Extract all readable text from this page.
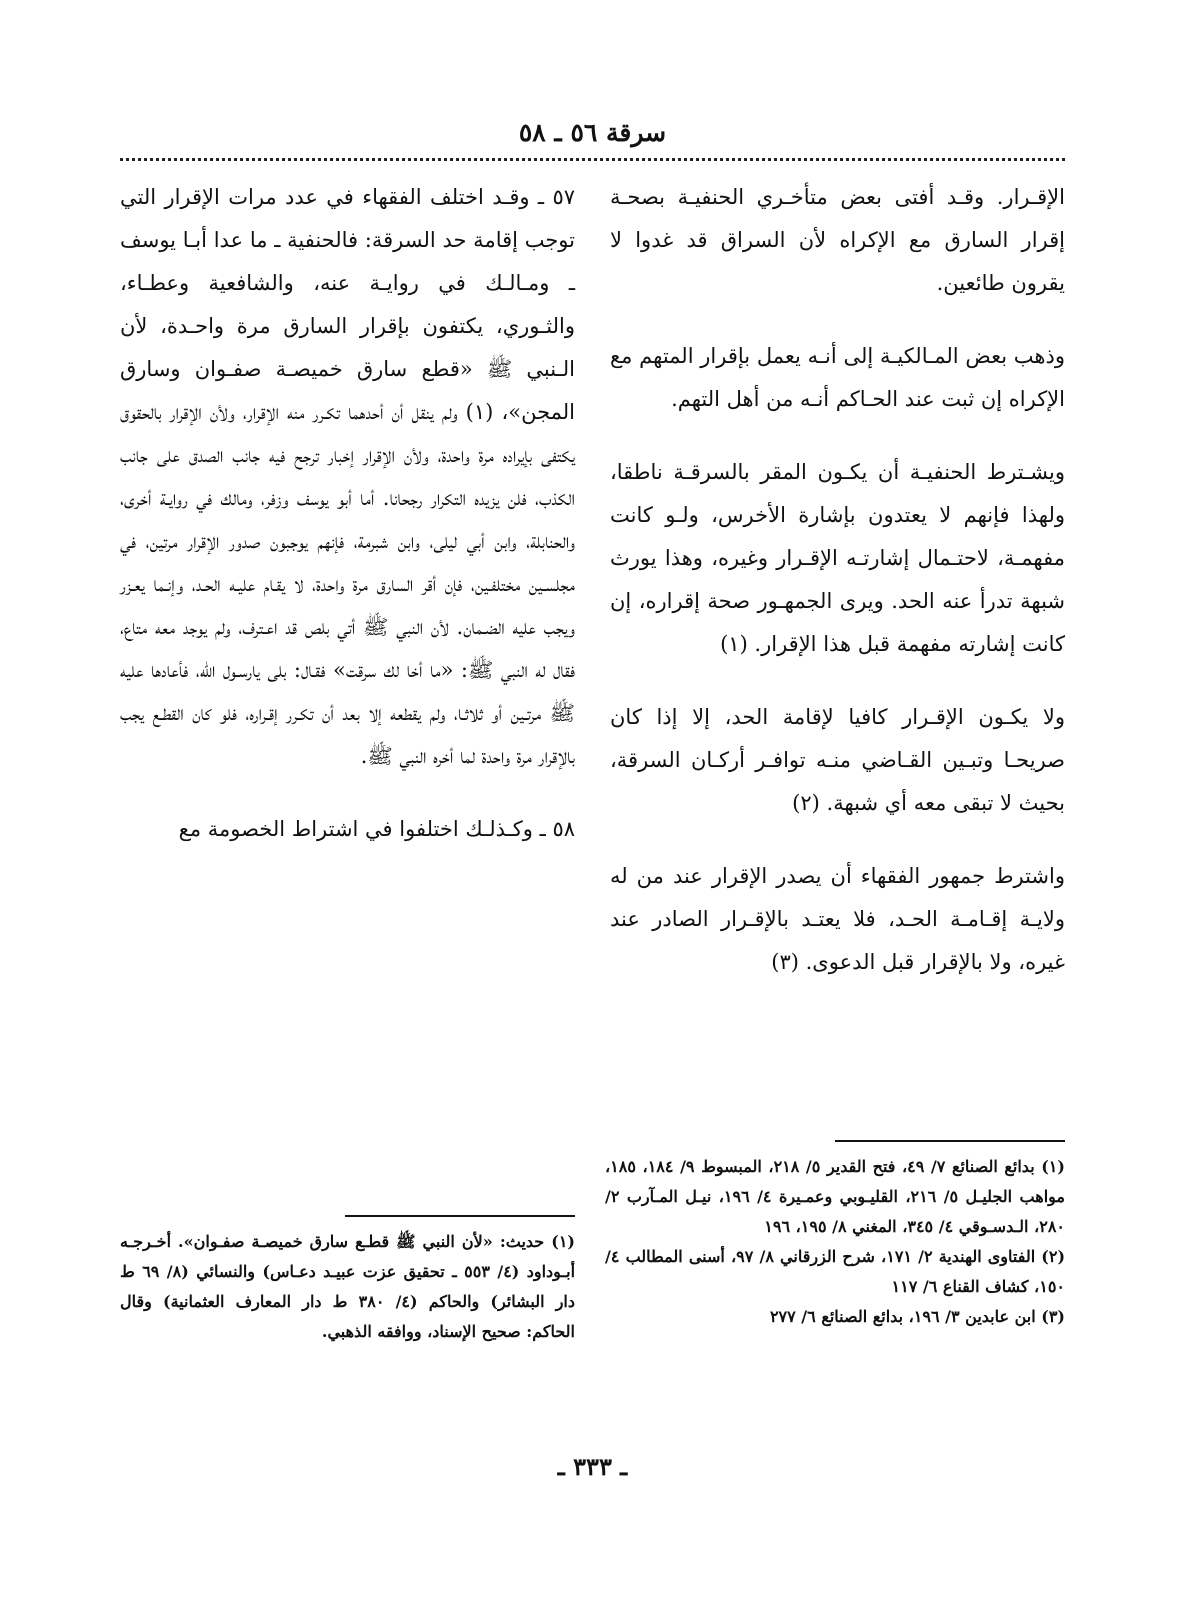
سرقة ٥٦ ـ ٥٨

الإقـرار. وقـد أفتى بعض متأخـري الحنفيـة بصحـة إقرار السارق مع الإكراه لأن السراق قد غدوا لا يقرون طائعين.

وذهب بعض المـالكيـة إلى أنـه يعمل بإقرار المتهم مع الإكراه إن ثبت عند الحـاكم أنـه من أهل التهم.

ويشـترط الحنفيـة أن يكـون المقر بالسرقـة ناطقا، ولهذا فإنهم لا يعتدون بإشارة الأخرس، ولـو كانت مفهمـة، لاحتـمال إشارتـه الإقـرار وغيره، وهذا يورث شبهة تدرأ عنه الحد. ويرى الجمهـور صحة إقراره، إن كانت إشارته مفهمة قبل هذا الإقرار. (١)

ولا يكـون الإقـرار كافيا لإقامة الحد، إلا إذا كان صريحـا وتبـين القـاضي منـه توافـر أركـان السرقة، بحيث لا تبقى معه أي شبهة. (٢)

واشترط جمهور الفقهاء أن يصدر الإقرار عند من له ولايـة إقـامـة الحـد، فلا يعتـد بالإقـرار الصادر عند غيره، ولا بالإقرار قبل الدعوى. (٣)

(١) بدائع الصنائع ٧/ ٤٩، فتح القدير ٥/ ٢١٨، المبسوط ٩/ ١٨٤، ١٨٥، مواهب الجليـل ٥/ ٢١٦، القليـوبي وعمـيرة ٤/ ١٩٦، نيـل المـآرب ٢/ ٢٨٠، الـدسـوقي ٤/ ٣٤٥، المغني ٨/ ١٩٥، ١٩٦

(٢) الفتاوى الهندية ٢/ ١٧١، شرح الزرقاني ٨/ ٩٧، أسنى المطالب ٤/ ١٥٠، كشاف القناع ٦/ ١١٧

(٣) ابن عابدين ٣/ ١٩٦، بدائع الصنائع ٦/ ٢٧٧

٥٧ ـ وقـد اختلف الفقهاء في عدد مرات الإقرار التي توجب إقامة حد السرقة: فالحنفية ـ ما عدا أبـا يوسف ـ ومـالـك في روايـة عنه، والشافعية وعطـاء، والثـوري، يكتفون بإقرار السارق مرة واحـدة، لأن الـنبي ﷺ «قطع سارق خميصـة صفـوان وسارق المجن»، (١) ولم ينقل أن أحدهما تكـرر منه الإقرار، ولأن الإقرار بالحقوق يكتفى بإيراده مرة واحدة، ولأن الإقرار إخبار ترجح فيه جانب الصدق على جانب الكذب، فلن يزيده التكرار رجحانا. أما أبو يوسف وزفر، ومالك في روايـة أخرى، والحنابلة، وابن أبي ليلى، وابن شبرمة، فإنهم يوجبون صدور الإقرار مرتين، في مجلسـين مختلفـين، فإن أقر السارق مرة واحدة، لا يقـام عليـه الحـد، وإنـما يعـزر ويجب عليه الضـمان. لأن النبي ﷺ أتي بلص قد اعـترف، ولم يوجد معه متاع، فقال له النبي ﷺ: «ما أخا لك سرقت» فقـال: بلى يارسـول الله، فأعادها عليه ﷺ مرتـين أو ثلاثـا، ولم يقطعه إلا بعد أن تكـرر إقـراره، فلو كان القطـع يجب بالإقرار مرة واحدة لما أخره النبي ﷺ.

٥٨ ـ وكـذلـك اختلفوا في اشتراط الخصومة مع

(١) حديث: «لأن النبي ﷺ قطـع سارق خميصـة صفـوان». أخـرجـه أبـوداود (٤/ ٥٥٣ ـ تحقيق عزت عبيـد دعـاس) والنسائي (٨/ ٦٩ ط دار البشائر) والحاكم (٤/ ٣٨٠ ط دار المعارف العثمانية) وقال الحاكم: صحيح الإسناد، ووافقه الذهبي.

ـ ٣٣٣ ـ
